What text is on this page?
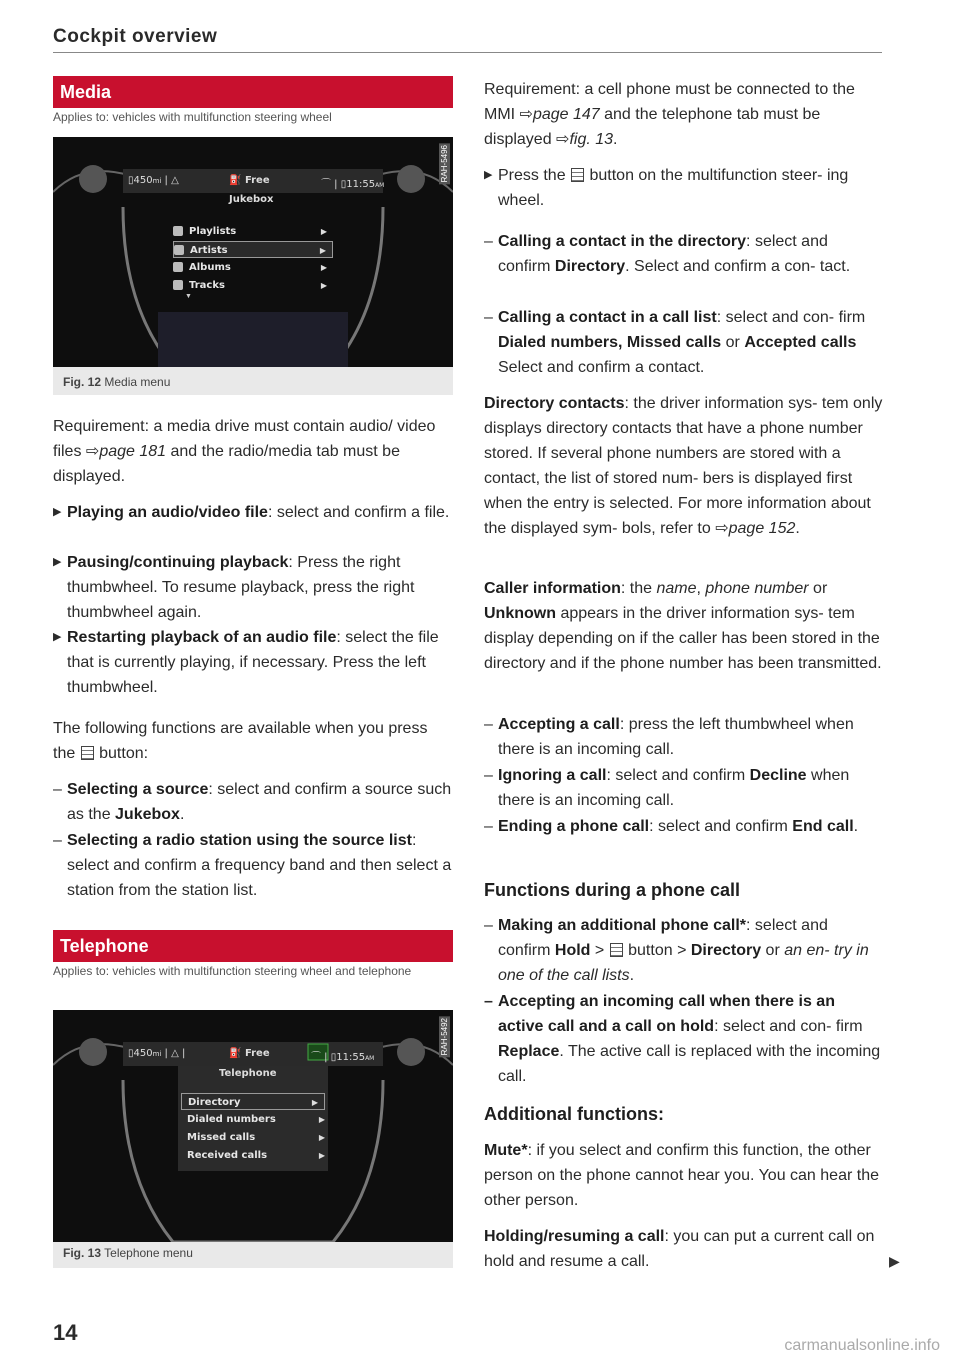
Cockpit overview
Media
Applies to: vehicles with multifunction steering wheel
▯450mi | △	⛽ Free	⌒ | ▯11:55AM
Jukebox
Playlists	▶
Artists	▶
Albums	▶
Tracks	▶
▼
RAH-5496
Fig. 12 Media menu
Requirement: a media drive must contain audio/ video files ⇨page 181 and the radio/media tab must be displayed.
▶ Playing an audio/video file: select and confirm a file.
▶ Pausing/continuing playback: Press the right thumbwheel. To resume playback, press the right thumbwheel again.
▶ Restarting playback of an audio file: select the file that is currently playing, if necessary. Press the left thumbwheel.
The following functions are available when you press the  button:
– Selecting a source: select and confirm a source such as the Jukebox.
– Selecting a radio station using the source list: select and confirm a frequency band and then select a station from the station list.
Telephone
Applies to: vehicles with multifunction steering wheel and telephone
▯450mi | △ |	⛽ Free	⌒ | ▯11:55AM
Telephone
Directory	▶
Dialed numbers	▶
Missed calls	▶
Received calls	▶
RAH-5492
Fig. 13 Telephone menu
14
Requirement: a cell phone must be connected to the MMI ⇨page 147 and the telephone tab must be displayed ⇨fig. 13.
▶ Press the  button on the multifunction steer- ing wheel.
– Calling a contact in the directory: select and confirm Directory. Select and confirm a con- tact.
– Calling a contact in a call list: select and con- firm Dialed numbers, Missed calls or Accepted calls Select and confirm a contact.
Directory contacts: the driver information sys- tem only displays directory contacts that have a phone number stored. If several phone numbers are stored with a contact, the list of stored num- bers is displayed first when the entry is selected. For more information about the displayed sym- bols, refer to ⇨page 152.
Caller information: the name, phone number or Unknown appears in the driver information sys- tem display depending on if the caller has been stored in the directory and if the phone number has been transmitted.
– Accepting a call: press the left thumbwheel when there is an incoming call.
– Ignoring a call: select and confirm Decline when there is an incoming call.
– Ending a phone call: select and confirm End call.
Functions during a phone call
– Making an additional phone call*: select and confirm Hold >  button > Directory or an en- try in one of the call lists.
– Accepting an incoming call when there is an active call and a call on hold: select and con- firm Replace. The active call is replaced with the incoming call.
Additional functions:
Mute*: if you select and confirm this function, the other person on the phone cannot hear you. You can hear the other person.
Holding/resuming a call: you can put a current call on hold and resume a call.	▶
carmanualsonline.info
